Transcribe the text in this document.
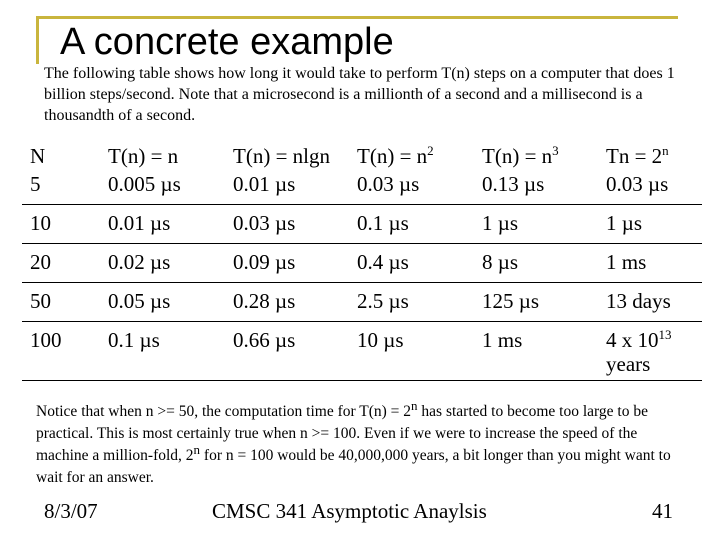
A concrete example
The following table shows how long it would take to perform T(n) steps on a computer that does 1 billion steps/second. Note that a microsecond is a millionth of a second and a millisecond is a thousandth of a second.
N	T(n) = n	T(n) = nlgn	$T(n) = n^2$	$T(n) = n^3$	$Tn = 2^n$
5	0.005 µs	0.01 µs	0.03 µs	0.13 µs	0.03 µs
10	0.01 µs	0.03 µs	0.1 µs	1 µs	1 µs
20	0.02 µs	0.09 µs	0.4 µs	8 µs	1 ms
50	0.05 µs	0.28 µs	2.5 µs	125 µs	13 days
100	0.1 µs	0.66 µs	10 µs	1 ms	4 x $10^{13}$
years
Notice that when n >= 50, the computation time for $T(n) = 2^n$ has started to become too large to be practical. This is most certainly true when n >= 100. Even if we were to increase the speed of the machine a million-fold, 2$^n$ for n = 100 would be 40,000,000 years, a bit longer than you might want to wait for an answer.
8/3/07	CMSC 341 Asymptotic Anaylsis	41
